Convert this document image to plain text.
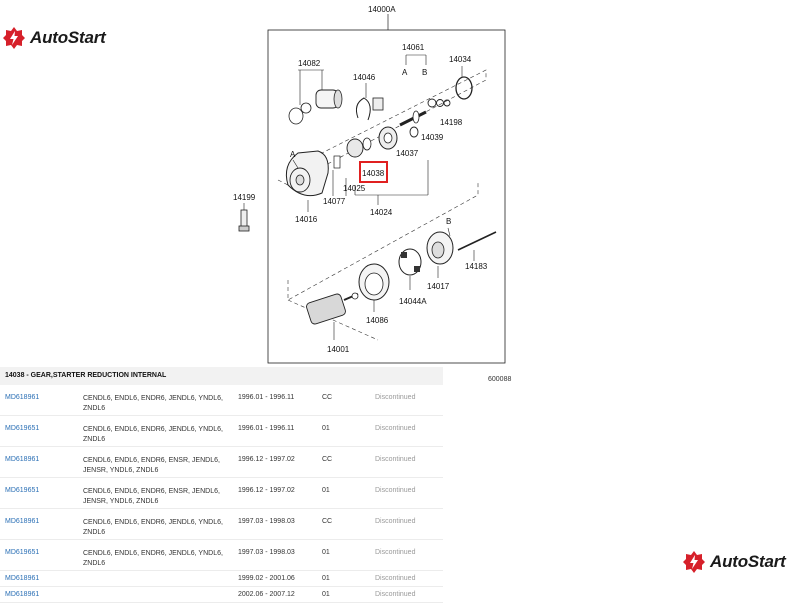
AutoStart
14000A
14082
14046
14061
A B
14034
14198
14039
14037
14038
14025
14077
14024
A
14016
14199
B
14183
14017
14044A
14086
14001
600088
14038 - GEAR,STARTER REDUCTION INTERNAL
MD618961	CENDL6, ENDL6, ENDR6, JENDL6, YNDL6, ZNDL6	1996.01 - 1996.11	CC	Discontinued
MD619651	CENDL6, ENDL6, ENDR6, JENDL6, YNDL6, ZNDL6	1996.01 - 1996.11	01	Discontinued
MD618961	CENDL6, ENDL6, ENDR6, ENSR, JENDL6, JENSR, YNDL6, ZNDL6	1996.12 - 1997.02	CC	Discontinued
MD619651	CENDL6, ENDL6, ENDR6, ENSR, JENDL6, JENSR, YNDL6, ZNDL6	1996.12 - 1997.02	01	Discontinued
MD618961	CENDL6, ENDL6, ENDR6, JENDL6, YNDL6, ZNDL6	1997.03 - 1998.03	CC	Discontinued
MD619651	CENDL6, ENDL6, ENDR6, JENDL6, YNDL6, ZNDL6	1997.03 - 1998.03	01	Discontinued
MD618961		1999.02 - 2001.06	01	Discontinued
MD618961		2002.06 - 2007.12	01	Discontinued
AutoStart
